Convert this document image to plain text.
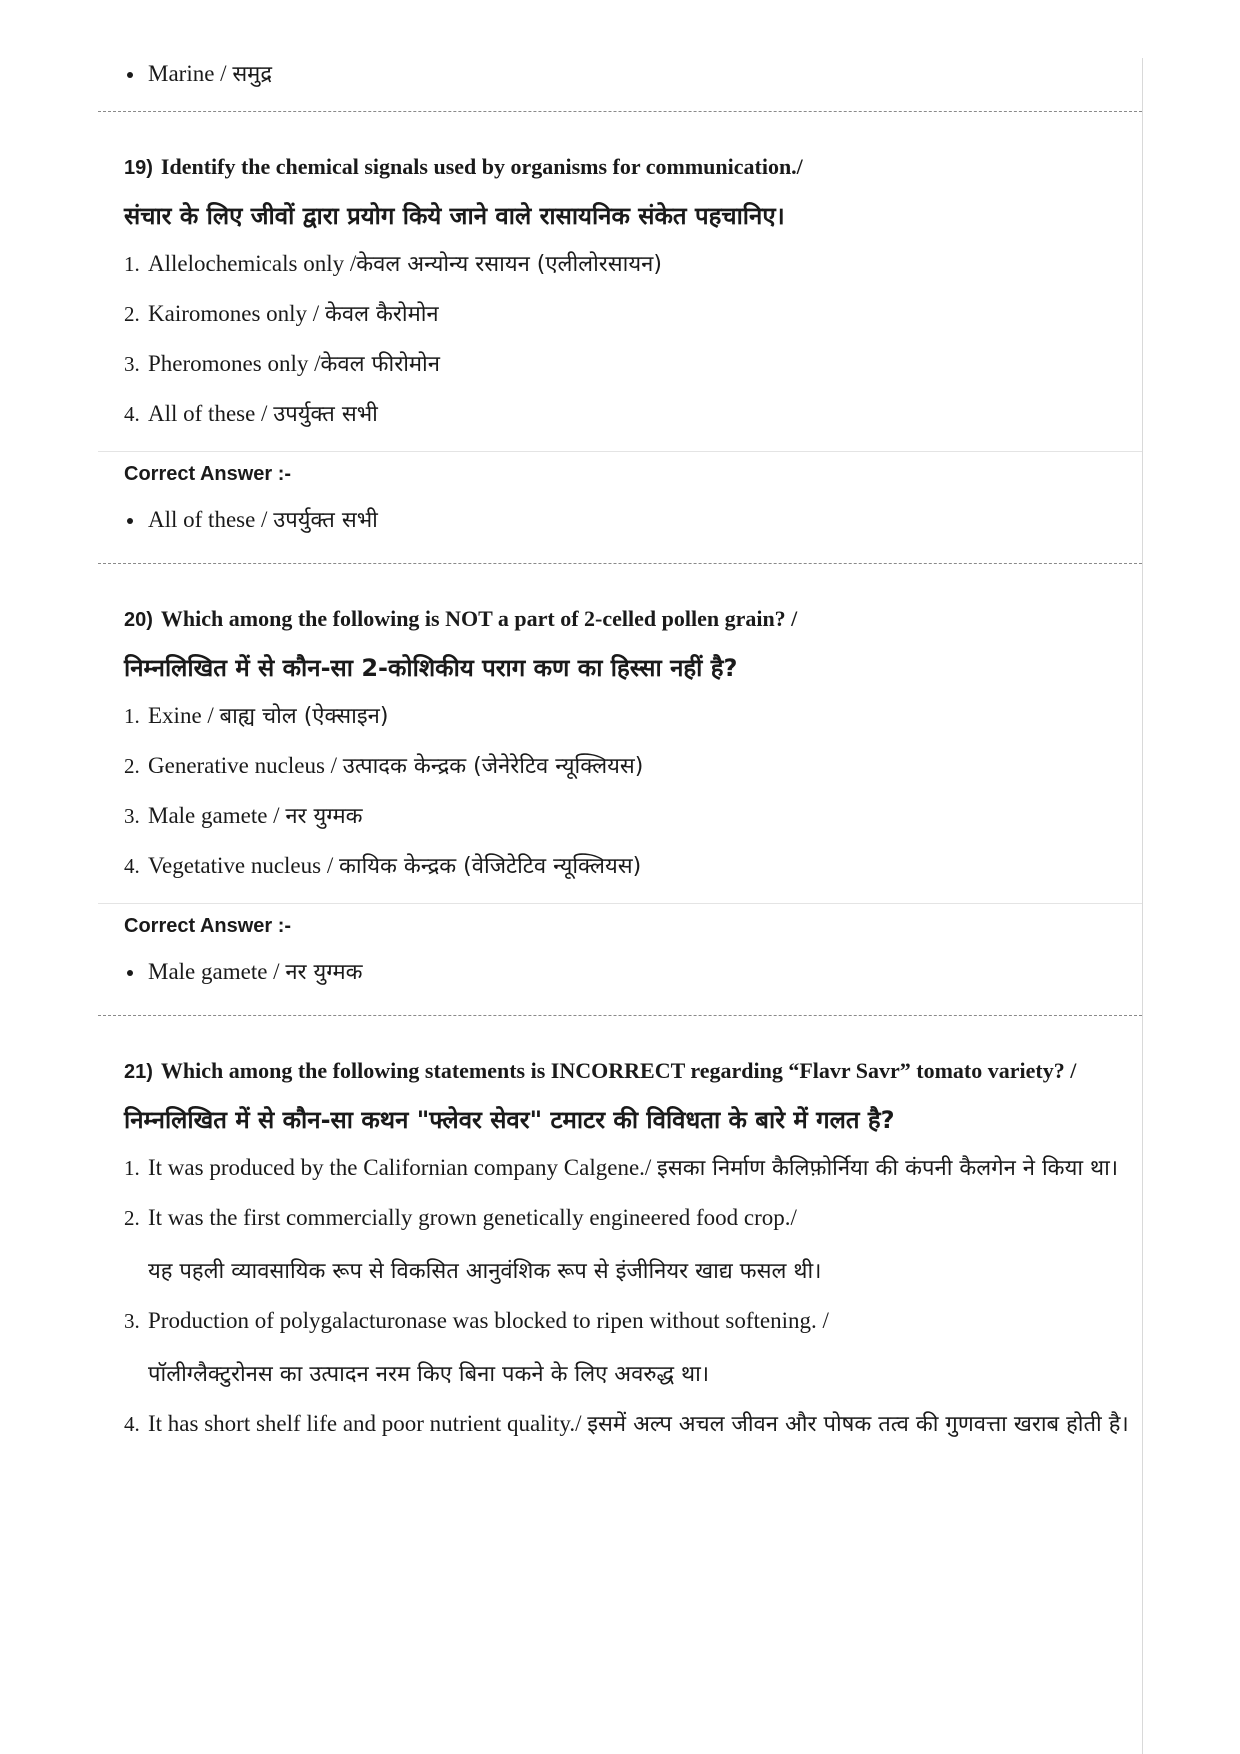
Marine / समुद्र
19) Identify the chemical signals used by organisms for communication./
संचार के लिए जीवों द्वारा प्रयोग किये जाने वाले रासायनिक संकेत पहचानिए।
1. Allelochemicals only /केवल अन्योन्य रसायन (एलीलोरसायन)
2. Kairomones only / केवल कैरोमोन
3. Pheromones only /केवल फीरोमोन
4. All of these / उपर्युक्त सभी
Correct Answer :-
All of these / उपर्युक्त सभी
20) Which among the following is NOT a part of 2-celled pollen grain? /
निम्नलिखित में से कौन-सा 2-कोशिकीय पराग कण का हिस्सा नहीं है?
1. Exine / बाह्य चोल (ऐक्साइन)
2. Generative nucleus / उत्पादक केन्द्रक (जेनेरेटिव न्यूक्लियस)
3. Male gamete / नर युग्मक
4. Vegetative nucleus / कायिक केन्द्रक (वेजिटेटिव न्यूक्लियस)
Correct Answer :-
Male gamete / नर युग्मक
21) Which among the following statements is INCORRECT regarding “Flavr Savr” tomato variety? /
निम्नलिखित में से कौन-सा कथन "फ्लेवर सेवर" टमाटर की विविधता के बारे में गलत है?
1. It was produced by the Californian company Calgene./ इसका निर्माण कैलिफ़ोर्निया की कंपनी कैलगेन ने किया था।
2. It was the first commercially grown genetically engineered food crop./
यह पहली व्यावसायिक रूप से विकसित आनुवंशिक रूप से इंजीनियर खाद्य फसल थी।
3. Production of polygalacturonase was blocked to ripen without softening. /
पॉलीग्लैक्टुरोनस का उत्पादन नरम किए बिना पकने के लिए अवरुद्ध था।
4. It has short shelf life and poor nutrient quality./ इसमें अल्प अचल जीवन और पोषक तत्व की गुणवत्ता खराब होती है।
